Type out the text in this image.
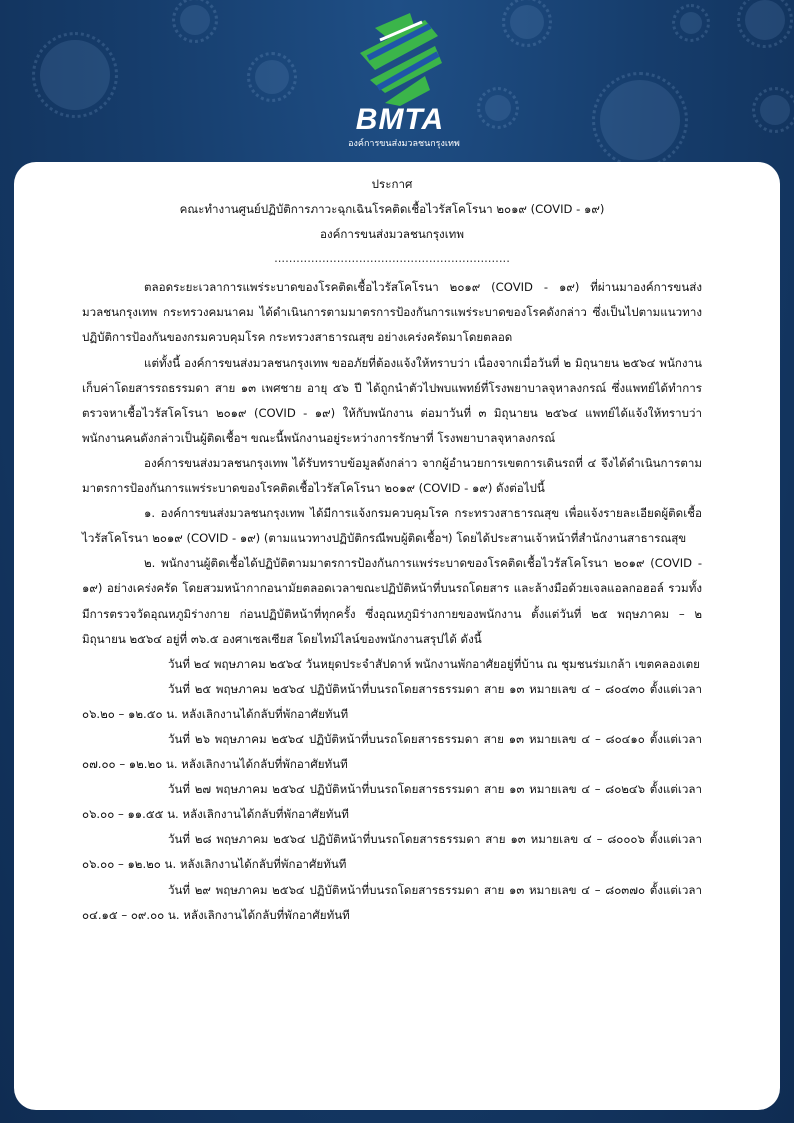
BMTA
องค์การขนส่งมวลชนกรุงเทพ
ประกาศ
คณะทำงานศูนย์ปฏิบัติการภาวะฉุกเฉินโรคติดเชื้อไวรัสโคโรนา ๒๐๑๙ (COVID - ๑๙)
องค์การขนส่งมวลชนกรุงเทพ
................................................................
ตลอดระยะเวลาการแพร่ระบาดของโรคติดเชื้อไวรัสโคโรนา ๒๐๑๙ (COVID - ๑๙) ที่ผ่านมาองค์การขนส่งมวลชนกรุงเทพ กระทรวงคมนาคม ได้ดำเนินการตามมาตรการป้องกันการแพร่ระบาดของโรคดังกล่าว ซึ่งเป็นไปตามแนวทางปฏิบัติการป้องกันของกรมควบคุมโรค กระทรวงสาธารณสุข อย่างเคร่งครัดมาโดยตลอด
แต่ทั้งนี้ องค์การขนส่งมวลชนกรุงเทพ ขออภัยที่ต้องแจ้งให้ทราบว่า เนื่องจากเมื่อวันที่ ๒ มิถุนายน ๒๕๖๔ พนักงานเก็บค่าโดยสารรถธรรมดา สาย ๑๓ เพศชาย อายุ ๕๖ ปี ได้ถูกนำตัวไปพบแพทย์ที่โรงพยาบาลจุหาลงกรณ์ ซึ่งแพทย์ได้ทำการตรวจหาเชื้อไวรัสโคโรนา ๒๐๑๙ (COVID - ๑๙) ให้กับพนักงาน ต่อมาวันที่ ๓ มิถุนายน ๒๕๖๔ แพทย์ได้แจ้งให้ทราบว่าพนักงานคนดังกล่าวเป็นผู้ติดเชื้อฯ ขณะนี้พนักงานอยู่ระหว่างการรักษาที่ โรงพยาบาลจุหาลงกรณ์
องค์การขนส่งมวลชนกรุงเทพ ได้รับทราบข้อมูลดังกล่าว จากผู้อำนวยการเขตการเดินรถที่ ๔ จึงได้ดำเนินการตามมาตรการป้องกันการแพร่ระบาดของโรคติดเชื้อไวรัสโคโรนา ๒๐๑๙ (COVID - ๑๙) ดังต่อไปนี้
๑. องค์การขนส่งมวลชนกรุงเทพ ได้มีการแจ้งกรมควบคุมโรค กระทรวงสาธารณสุข เพื่อแจ้งรายละเอียดผู้ติดเชื้อไวรัสโคโรนา ๒๐๑๙ (COVID - ๑๙) (ตามแนวทางปฏิบัติกรณีพบผู้ติดเชื้อฯ) โดยได้ประสานเจ้าหน้าที่สำนักงานสาธารณสุข
๒. พนักงานผู้ติดเชื้อได้ปฏิบัติตามมาตรการป้องกันการแพร่ระบาดของโรคติดเชื้อไวรัสโคโรนา ๒๐๑๙ (COVID - ๑๙) อย่างเคร่งครัด โดยสวมหน้ากากอนามัยตลอดเวลาขณะปฏิบัติหน้าที่บนรถโดยสาร และล้างมือด้วยเจลแอลกอฮอล์ รวมทั้ง มีการตรวจวัดอุณหภูมิร่างกาย ก่อนปฏิบัติหน้าที่ทุกครั้ง ซึ่งอุณหภูมิร่างกายของพนักงาน ตั้งแต่วันที่ ๒๕ พฤษภาคม – ๒ มิถุนายน ๒๕๖๔ อยู่ที่ ๓๖.๕ องศาเซลเซียส โดยไทม์ไลน์ของพนักงานสรุปได้ ดังนี้
วันที่ ๒๔ พฤษภาคม ๒๕๖๔ วันหยุดประจำสัปดาห์ พนักงานพักอาศัยอยู่ที่บ้าน ณ ชุมชนร่มเกล้า เขตคลองเตย
วันที่ ๒๕ พฤษภาคม ๒๕๖๔ ปฏิบัติหน้าที่บนรถโดยสารธรรมดา สาย ๑๓ หมายเลข ๔ – ๘๐๔๓๐ ตั้งแต่เวลา ๐๖.๒๐ – ๑๒.๕๐ น. หลังเลิกงานได้กลับที่พักอาศัยทันที
วันที่ ๒๖ พฤษภาคม ๒๕๖๔ ปฏิบัติหน้าที่บนรถโดยสารธรรมดา สาย ๑๓ หมายเลข ๔ – ๘๐๔๑๐ ตั้งแต่เวลา ๐๗.๐๐ – ๑๒.๒๐ น. หลังเลิกงานได้กลับที่พักอาศัยทันที
วันที่ ๒๗ พฤษภาคม ๒๕๖๔ ปฏิบัติหน้าที่บนรถโดยสารธรรมดา สาย ๑๓ หมายเลข ๔ – ๘๐๒๔๖ ตั้งแต่เวลา ๐๖.๐๐ – ๑๑.๕๕ น. หลังเลิกงานได้กลับที่พักอาศัยทันที
วันที่ ๒๘ พฤษภาคม ๒๕๖๔ ปฏิบัติหน้าที่บนรถโดยสารธรรมดา สาย ๑๓ หมายเลข ๔ – ๘๐๐๐๖ ตั้งแต่เวลา ๐๖.๐๐ – ๑๒.๒๐ น. หลังเลิกงานได้กลับที่พักอาศัยทันที
วันที่ ๒๙ พฤษภาคม ๒๕๖๔ ปฏิบัติหน้าที่บนรถโดยสารธรรมดา สาย ๑๓ หมายเลข ๔ – ๘๐๓๗๐ ตั้งแต่เวลา ๐๔.๑๕ – ๐๙.๐๐ น. หลังเลิกงานได้กลับที่พักอาศัยทันที
